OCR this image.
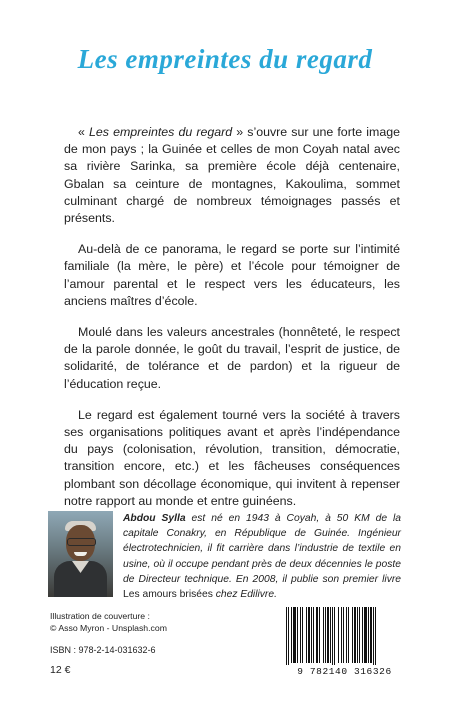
Les empreintes du regard

« Les empreintes du regard » s’ouvre sur une forte image de mon pays ; la Guinée et celles de mon Coyah natal avec sa rivière Sarinka, sa première école déjà centenaire, Gbalan sa ceinture de montagnes, Kakoulima, sommet culminant chargé de nombreux témoignages passés et présents.

Au-delà de ce panorama, le regard se porte sur l’intimité familiale (la mère, le père) et l’école pour témoigner de l’amour parental et le respect vers les éducateurs, les anciens maîtres d’école.

Moulé dans les valeurs ancestrales (honnêteté, le respect de la parole donnée, le goût du travail, l’esprit de justice, de solidarité, de tolérance et de pardon) et la rigueur de l’éducation reçue.

Le regard est également tourné vers la société à travers ses organisations politiques avant et après l’indépendance du pays (colonisation, révolution, transition, démocratie, transition encore, etc.) et les fâcheuses conséquences plombant son décollage économique, qui invitent à repenser notre rapport au monde et entre guinéens.

Abdou Sylla est né en 1943 à Coyah, à 50 KM de la capitale Conakry, en République de Guinée. Ingénieur électrotechnicien, il fit carrière dans l’industrie de textile en usine, où il occupe pendant près de deux décennies le poste de Directeur technique. En 2008, il publie son premier livre Les amours brisées chez Edilivre.
Illustration de couverture :
© Asso Myron - Unsplash.com
ISBN : 978-2-14-031632-6
12 €	9 782140 316326
